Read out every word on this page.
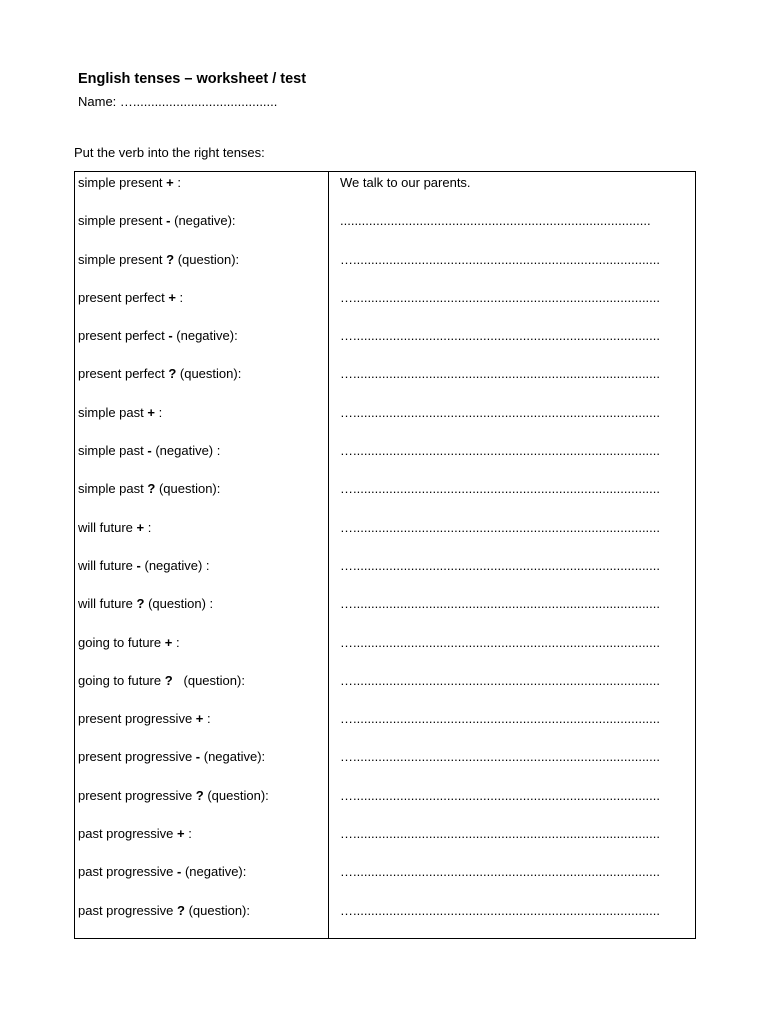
English tenses – worksheet / test
Name: …........................................
Put the verb into the right tenses:
simple present + :	We talk to our parents.

simple present - (negative):	......................................................................................

simple present ? (question):	….....................................................................................

present perfect + :	….....................................................................................

present perfect - (negative):	….....................................................................................

present perfect ? (question):	….....................................................................................

simple past + :	….....................................................................................

simple past - (negative) :	….....................................................................................

simple past ? (question):	….....................................................................................

will future + :	….....................................................................................

will future - (negative) :	….....................................................................................

will future ? (question) :	….....................................................................................

going to future + :	….....................................................................................

going to future ?   (question):	….....................................................................................

present progressive + :	….....................................................................................

present progressive - (negative):	….....................................................................................

present progressive ? (question):	….....................................................................................

past progressive + :	….....................................................................................

past progressive - (negative):	….....................................................................................

past progressive ? (question):	….....................................................................................
